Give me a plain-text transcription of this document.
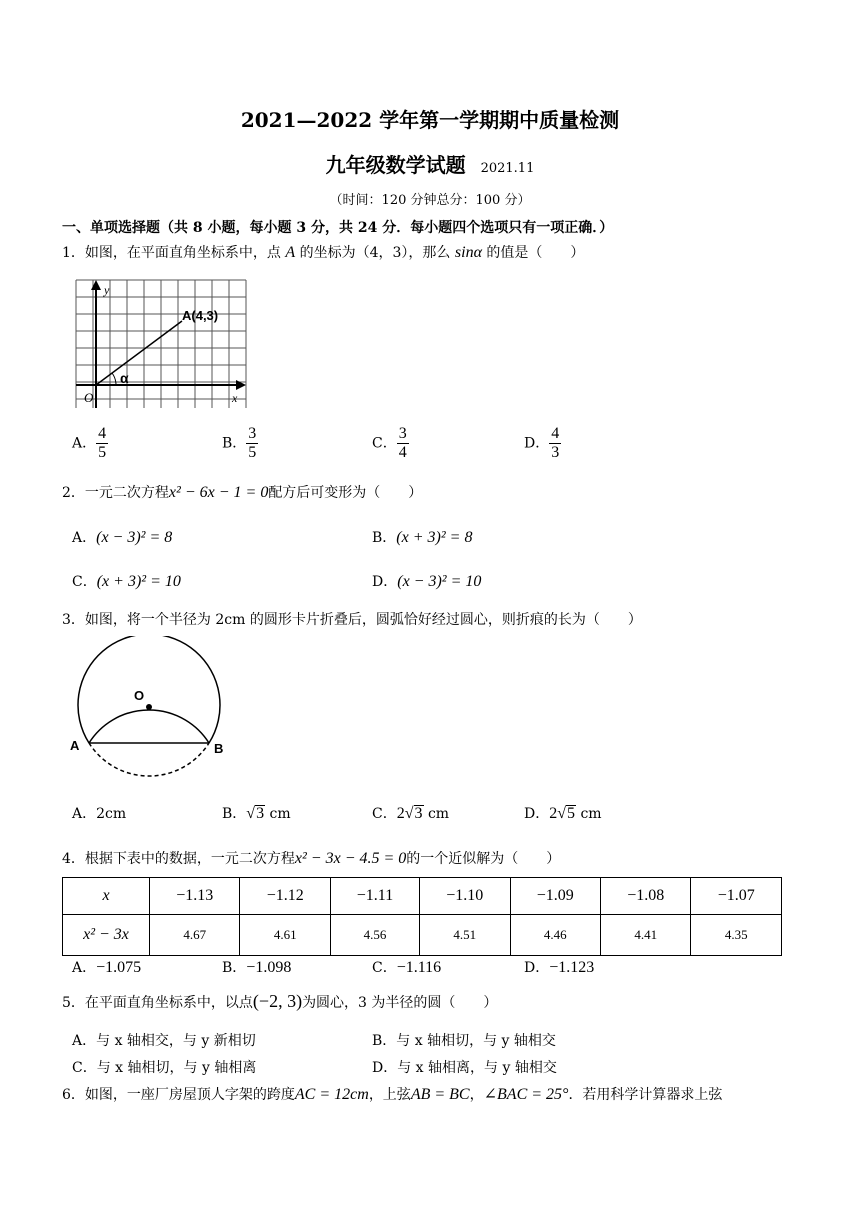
2021—2022 学年第一学期期中质量检测
九年级数学试题 2021.11
（时间：120 分钟总分：100 分）
一、单项选择题（共 8 小题，每小题 3 分，共 24 分．每小题四个选项只有一项正确．）
1．如图，在平面直角坐标系中，点 A 的坐标为（4，3），那么 sinα 的值是（　　）
y
x
O
A(4,3)
α
A． $\frac{4}{5}$	B． $\frac{3}{5}$	C． $\frac{3}{4}$	D． $\frac{4}{3}$
2．一元二次方程x² − 6x − 1 = 0配方后可变形为（　　）
A．(x − 3)² = 8	B．(x + 3)² = 8
C．(x + 3)² = 10	D．(x − 3)² = 10
3．如图，将一个半径为 2cm 的圆形卡片折叠后，圆弧恰好经过圆心，则折痕的长为（　　）
O
A	B
A．2cm	B．√3 cm	C．2√3 cm	D．2√5 cm
4．根据下表中的数据，一元二次方程x² − 3x − 4.5 = 0的一个近似解为（　　）
x	−1.13	−1.12	−1.11	−1.10	−1.09	−1.08	−1.07
x² − 3x	4.67	4.61	4.56	4.51	4.46	4.41	4.35
A．−1.075	B．−1.098	C．−1.116	D．−1.123
5．在平面直角坐标系中，以点(−2, 3)为圆心，3 为半径的圆（　　）
A．与 x 轴相交，与 y 新相切	B．与 x 轴相切，与 y 轴相交
C．与 x 轴相切，与 y 轴相离	D．与 x 轴相离，与 y 轴相交
6．如图，一座厂房屋顶人字架的跨度AC = 12cm，上弦AB = BC，∠BAC = 25°．若用科学计算器求上弦
